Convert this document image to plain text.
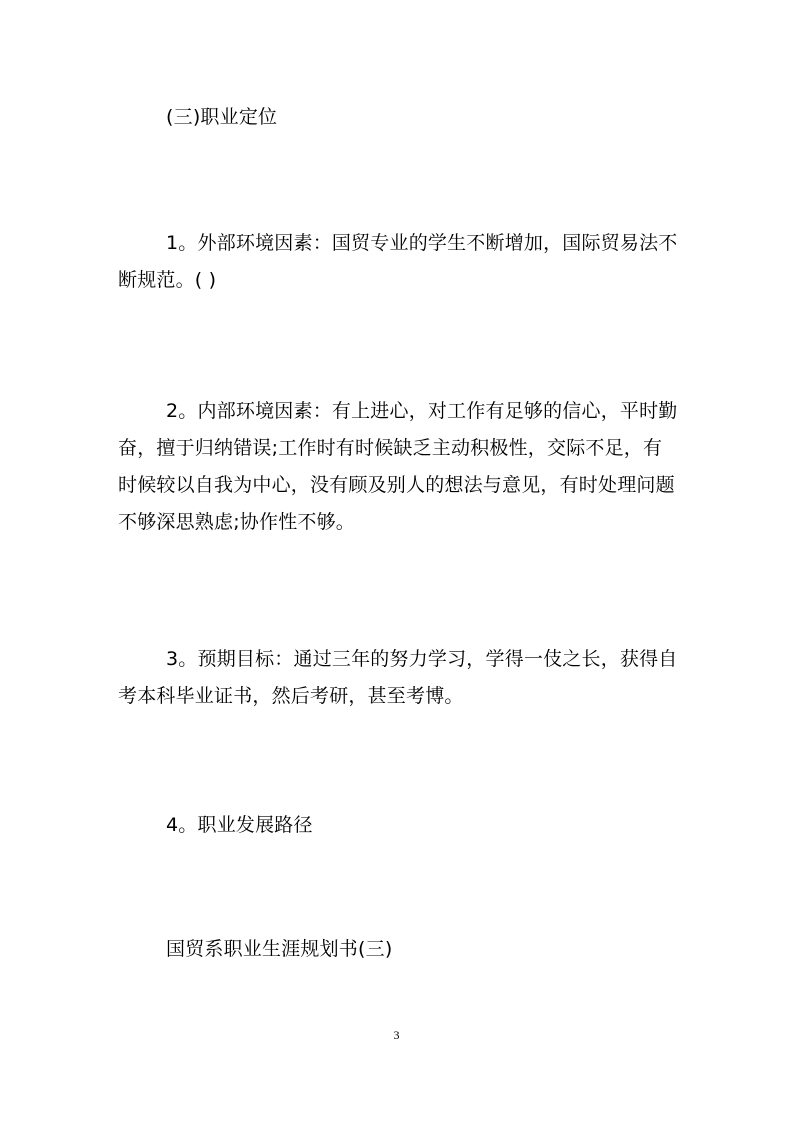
(三)职业定位

1。外部环境因素：国贸专业的学生不断增加，国际贸易法不断规范。( )

2。内部环境因素：有上进心，对工作有足够的信心，平时勤奋，擅于归纳错误;工作时有时候缺乏主动积极性，交际不足，有时候较以自我为中心，没有顾及别人的想法与意见，有时处理问题不够深思熟虑;协作性不够。

3。预期目标：通过三年的努力学习，学得一伎之长，获得自考本科毕业证书，然后考研，甚至考博。

4。职业发展路径

国贸系职业生涯规划书(三)

3
